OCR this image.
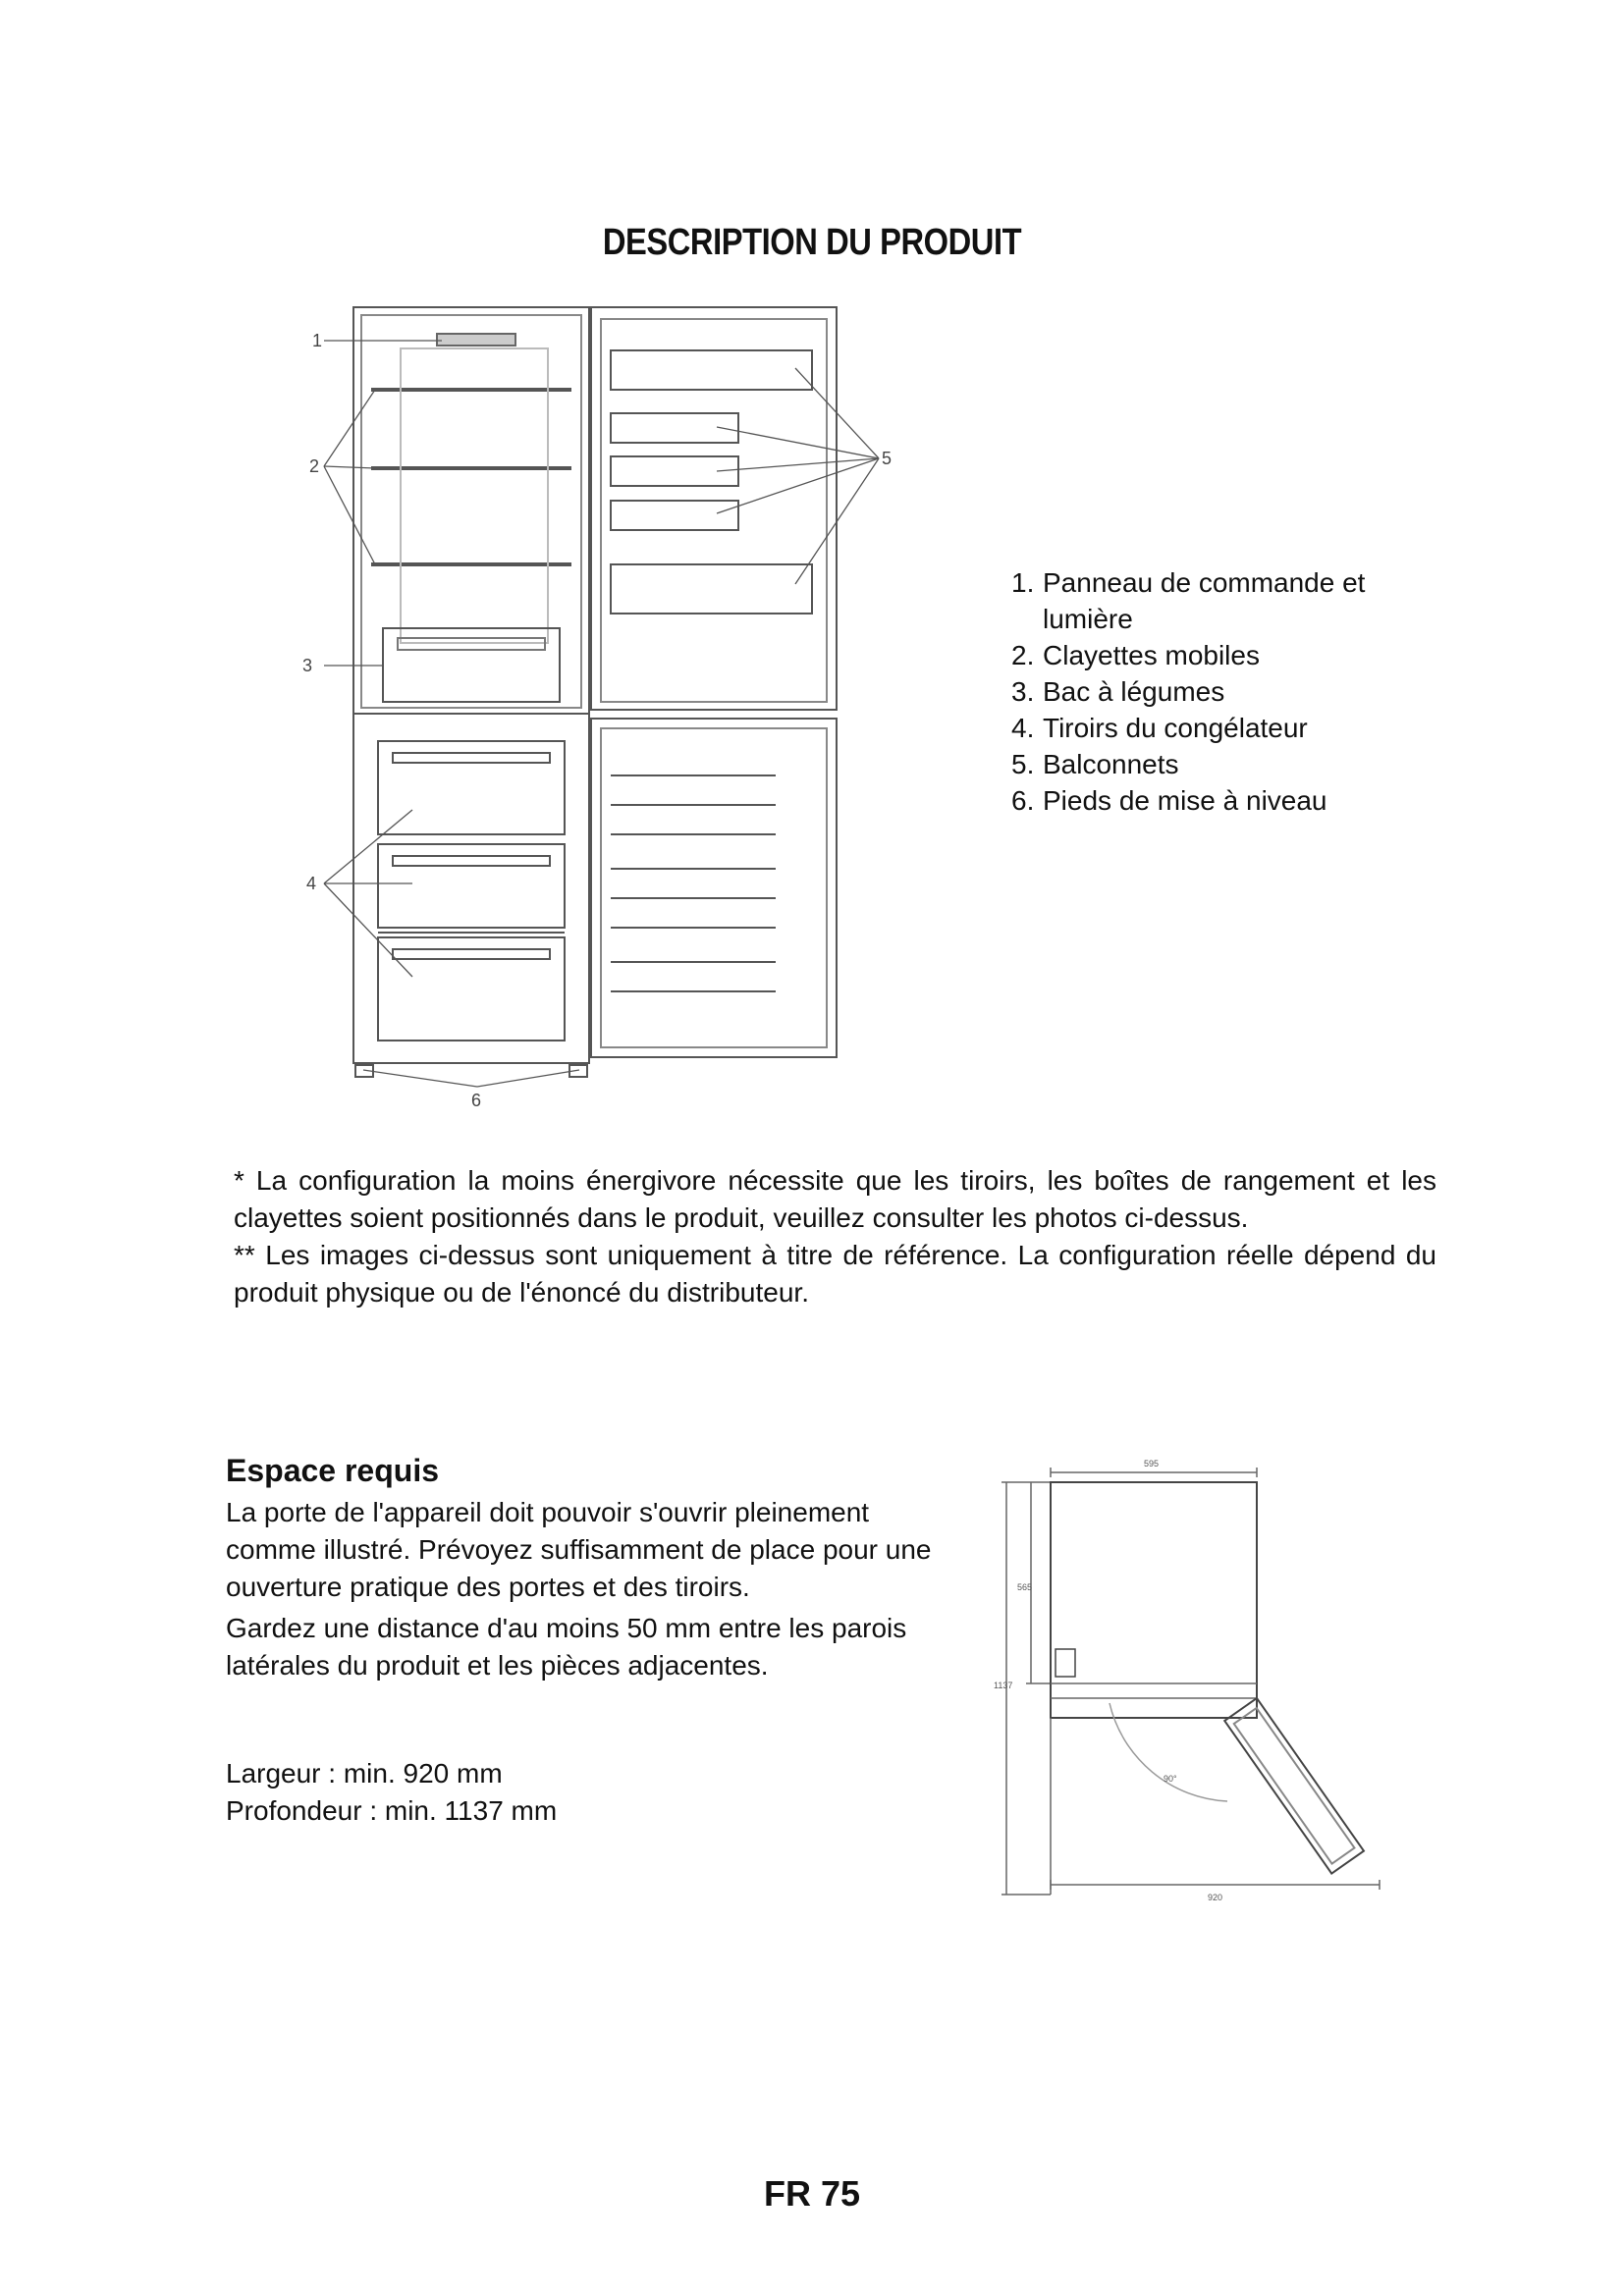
DESCRIPTION DU PRODUIT
1
2
3
4
6
5
1. Panneau de commande et lumière
2. Clayettes mobiles
3. Bac à légumes
4. Tiroirs du congélateur
5. Balconnets
6. Pieds de mise à niveau

* La configuration la moins énergivore nécessite que les tiroirs, les boîtes de rangement et les clayettes soient positionnés dans le produit, veuillez consulter les photos ci-dessus.

** Les images ci-dessus sont uniquement à titre de référence. La configuration réelle dépend du produit physique ou de l'énoncé du distributeur.

Espace requis

La porte de l'appareil doit pouvoir s'ouvrir pleinement comme illustré. Prévoyez suffisamment de place pour une ouverture pratique des portes et des tiroirs.

Gardez une distance d'au moins 50 mm entre les parois latérales du produit et les pièces adjacentes.

Largeur : min. 920 mm
Profondeur : min. 1137 mm
595
565
1137
920
90°
FR 75
